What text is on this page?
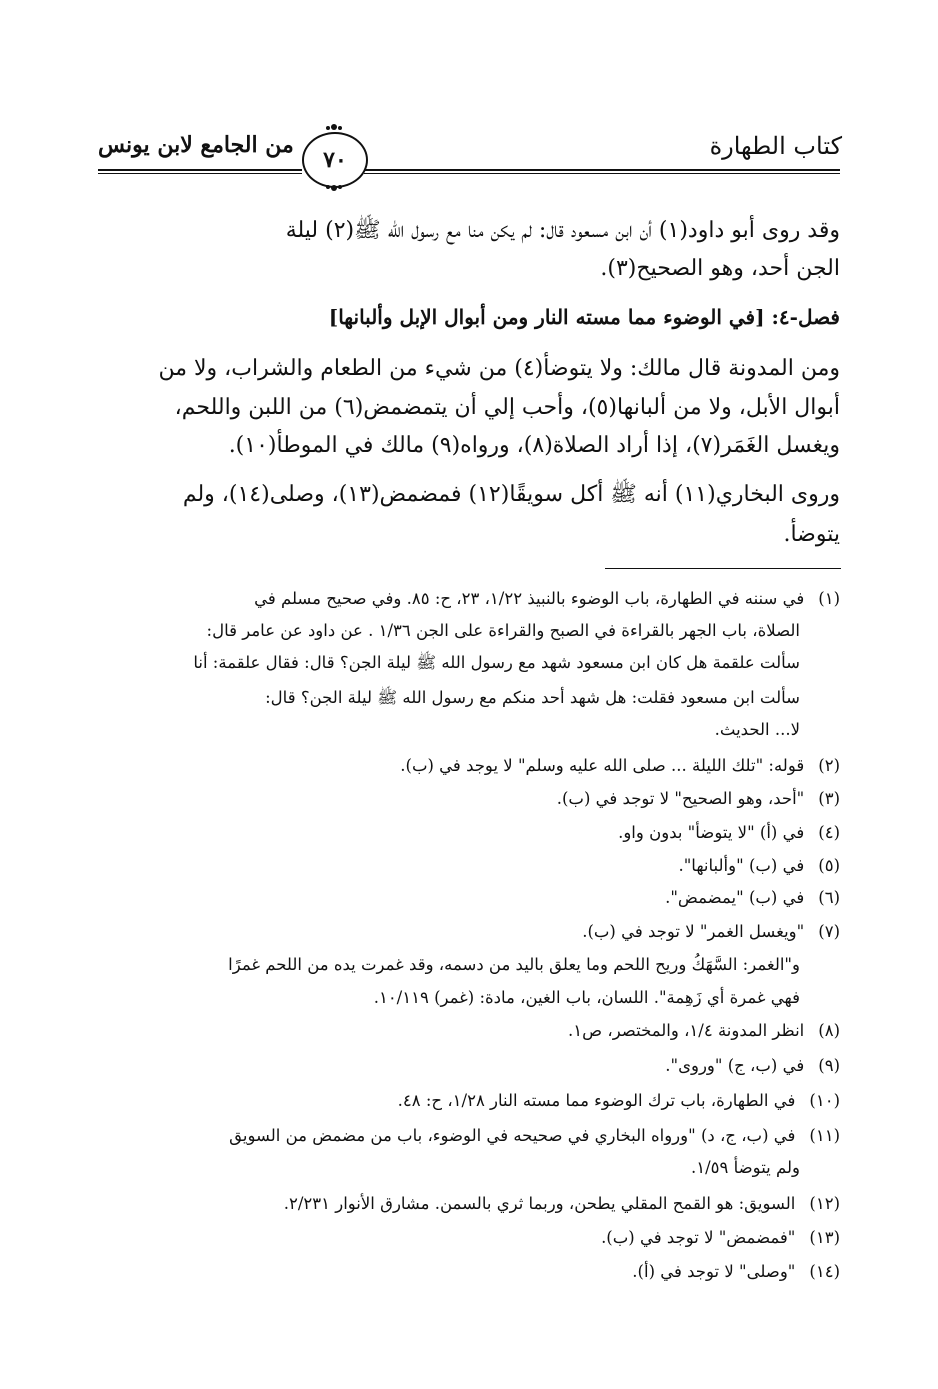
كتاب الطهارة
من الجامع لابن يونس
٧٠
وقد روى أبو داود(١) أن ابن مسعود قال: لم يكن منا مع رسول الله ﷺ(٢) ليلة
الجن أحد، وهو الصحيح(٣).
فصل-٤: [في الوضوء مما مسته النار ومن أبوال الإبل وألبانها]
ومن المدونة قال مالك: ولا يتوضأ(٤) من شيء من الطعام والشراب، ولا من
أبوال الأبل، ولا من ألبانها(٥)، وأحب إلي أن يتمضمض(٦) من اللبن واللحم،
ويغسل الغَمَر(٧)، إذا أراد الصلاة(٨)، ورواه(٩) مالك في الموطأ(١٠).
وروى البخاري(١١) أنه ﷺ أكل سويقًا(١٢) فمضمض(١٣)، وصلى(١٤)، ولم
يتوضأ.
(١)في سننه في الطهارة، باب الوضوء بالنبيذ ١/٢٢، ٢٣، ح: ٨٥. وفي صحيح مسلم في
الصلاة، باب الجهر بالقراءة في الصبح والقراءة على الجن ١/٣٦ . عن داود عن عامر قال:
سألت علقمة هل كان ابن مسعود شهد مع رسول الله ﷺ ليلة الجن؟ قال: فقال علقمة: أنا
سألت ابن مسعود فقلت: هل شهد أحد منكم مع رسول الله ﷺ ليلة الجن؟ قال:
لا... الحديث.
(٢)قوله: "تلك الليلة ... صلى الله عليه وسلم" لا يوجد في (ب).
(٣)"أحد، وهو الصحيح" لا توجد في (ب).
(٤)في (أ) "لا يتوضأ" بدون واو.
(٥)في (ب) "وألبانها".
(٦)في (ب) "يمضمض".
(٧)"ويغسل الغمر" لا توجد في (ب).
و"الغمر: السَّهَكُ وريح اللحم وما يعلق باليد من دسمه، وقد غمرت يده من اللحم غمرًا
فهي غمرة أي زَهِمة". اللسان، باب الغين، مادة: (غمر) ١٠/١١٩.
(٨)انظر المدونة ١/٤، والمختصر، ص١.
(٩)في (ب، ج) "وروى".
(١٠)في الطهارة، باب ترك الوضوء مما مسته النار ١/٢٨، ح: ٤٨.
(١١)في (ب، ج، د) "ورواه البخاري في صحيحه في الوضوء، باب من مضمض من السويق
ولم يتوضأ ١/٥٩.
(١٢)السويق: هو القمح المقلي يطحن، وربما ثري بالسمن. مشارق الأنوار ٢/٢٣١.
(١٣)"فمضمض" لا توجد في (ب).
(١٤)"وصلى" لا توجد في (أ).
